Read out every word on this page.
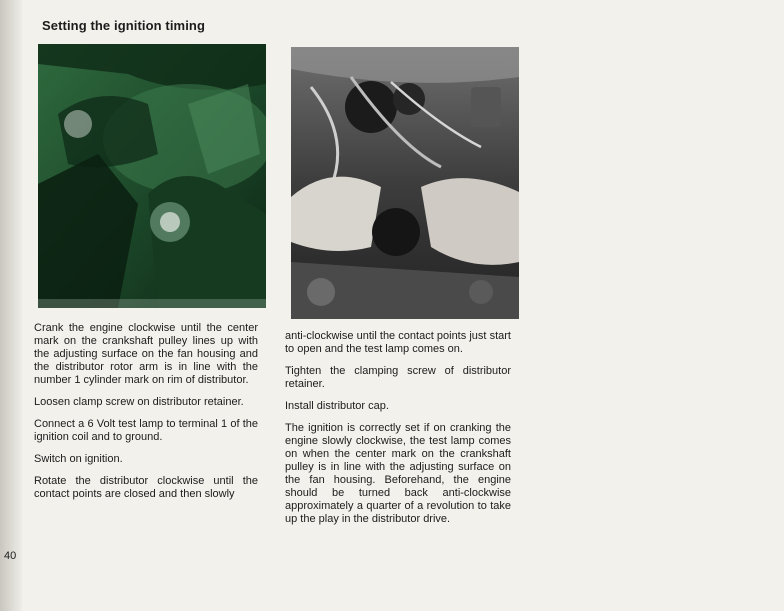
Setting the ignition timing

Crank the engine clockwise until the center mark on the crankshaft pulley lines up with the adjusting surface on the fan housing and the distributor rotor arm is in line with the number 1 cylinder mark on rim of distributor.

Loosen clamp screw on distributor retainer.

Connect a 6 Volt test lamp to terminal 1 of the ignition coil and to ground.

Switch on ignition.

Rotate the distributor clockwise until the contact points are closed and then slowly

anti-clockwise until the contact points just start to open and the test lamp comes on.

Tighten the clamping screw of distributor retainer.

Install distributor cap.

The ignition is correctly set if on cranking the engine slowly clockwise, the test lamp comes on when the center mark on the crankshaft pulley is in line with the adjusting surface on the fan housing. Beforehand, the engine should be turned back anti-clockwise approximately a quarter of a revolution to take up the play in the distributor drive.

40
